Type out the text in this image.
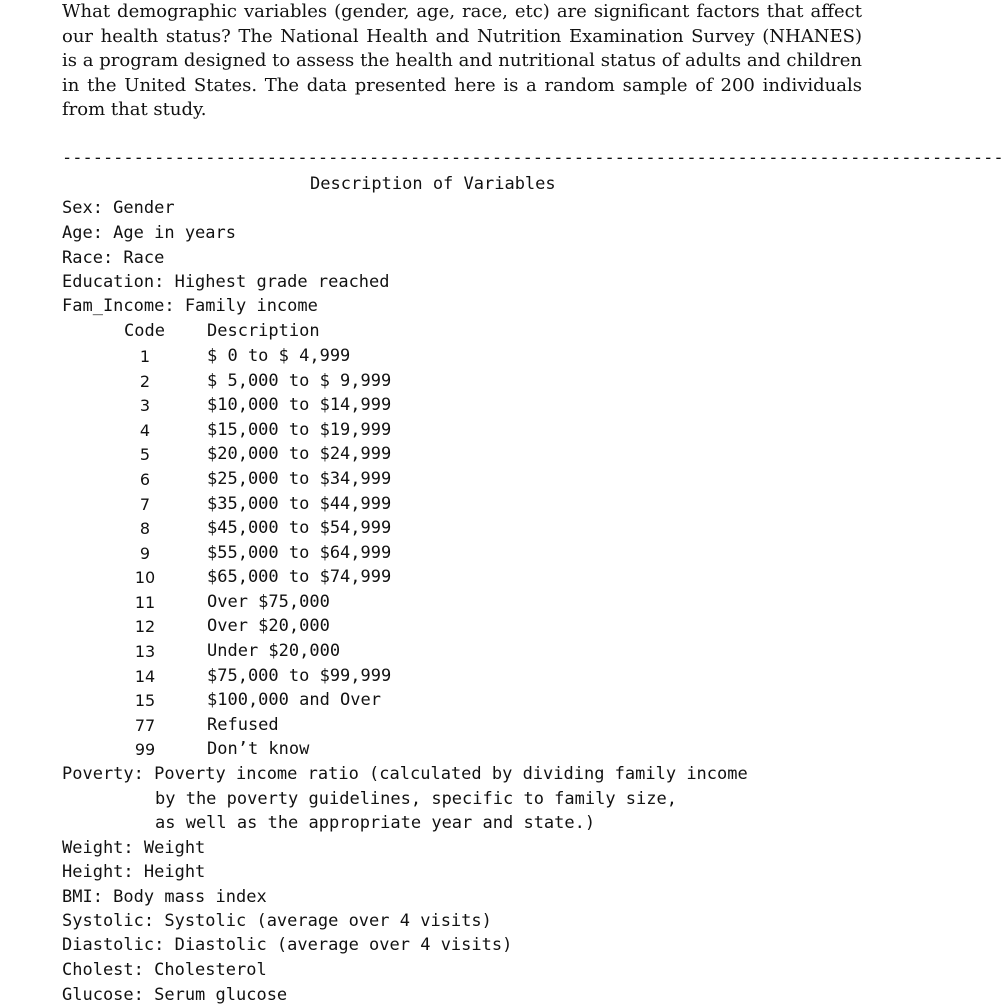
What demographic variables (gender, age, race, etc) are significant factors that affect our health status? The National Health and Nutrition Examination Survey (NHANES) is a program designed to assess the health and nutritional status of adults and children in the United States. The data presented here is a random sample of 200 individuals from that study.

--------------------------------------------------------------------------------------------
Description of Variables
Sex: Gender
Age: Age in years
Race: Race
Education: Highest grade reached
Fam_Income: Family income
Code Description
1	$ 0 to $ 4,999
2	$ 5,000 to $ 9,999
3	$10,000 to $14,999
4	$15,000 to $19,999
5	$20,000 to $24,999
6	$25,000 to $34,999
7	$35,000 to $44,999
8	$45,000 to $54,999
9	$55,000 to $64,999
10	$65,000 to $74,999
11	Over $75,000
12	Over $20,000
13	Under $20,000
14	$75,000 to $99,999
15	$100,000 and Over
77	Refused
99	Don’t know
Poverty: Poverty income ratio (calculated by dividing family income
by the poverty guidelines, specific to family size,
as well as the appropriate year and state.)
Weight: Weight
Height: Height
BMI: Body mass index
Systolic: Systolic (average over 4 visits)
Diastolic: Diastolic (average over 4 visits)
Cholest: Cholesterol
Glucose: Serum glucose
